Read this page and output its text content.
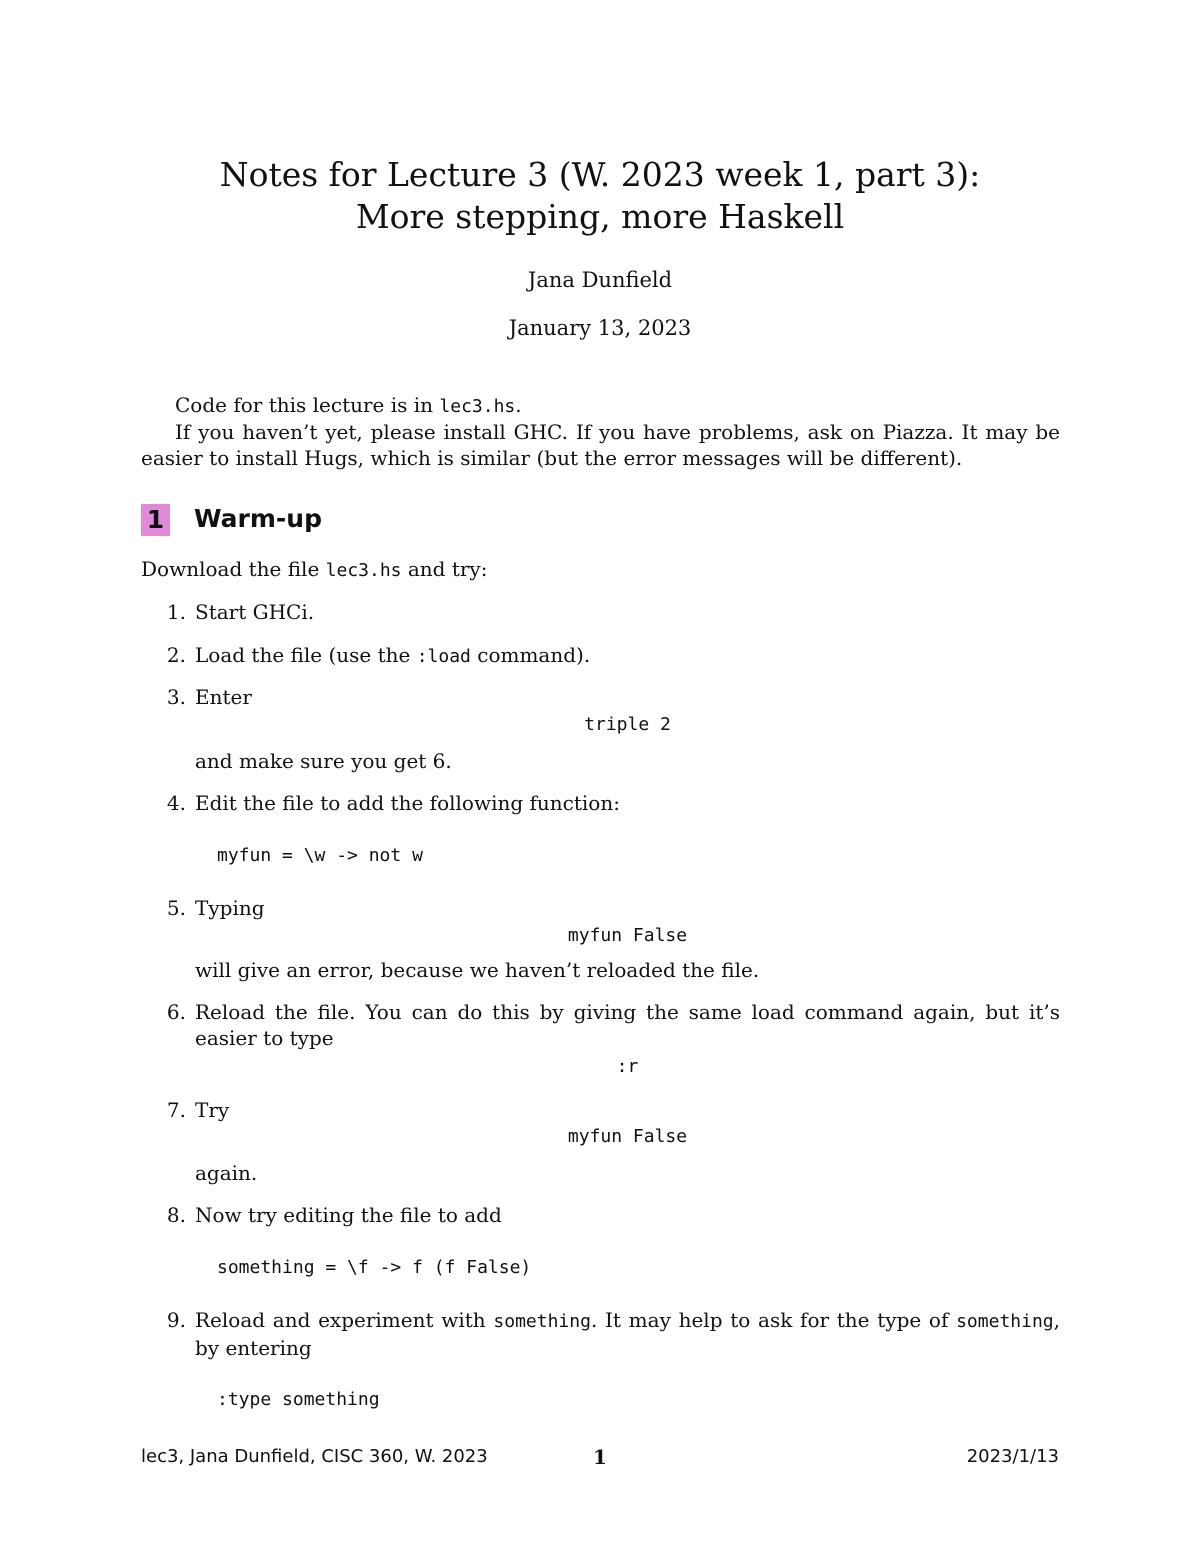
Notes for Lecture 3 (W. 2023 week 1, part 3):
More stepping, more Haskell
Jana Dunfield
January 13, 2023
Code for this lecture is in lec3.hs.
If you haven’t yet, please install GHC. If you have problems, ask on Piazza. It may be easier to install Hugs, which is similar (but the error messages will be different).
1 Warm-up
Download the file lec3.hs and try:
1. Start GHCi.
2. Load the file (use the :load command).
3. Enter
triple 2
and make sure you get 6.
4. Edit the file to add the following function:
myfun = \w -> not w
5. Typing
myfun False
will give an error, because we haven’t reloaded the file.
6. Reload the file. You can do this by giving the same load command again, but it’s easier to type
:r
7. Try
myfun False
again.
8. Now try editing the file to add
something = \f -> f (f False)
9. Reload and experiment with something. It may help to ask for the type of something, by entering
:type something
lec3, Jana Dunfield, CISC 360, W. 2023	1	2023/1/13
